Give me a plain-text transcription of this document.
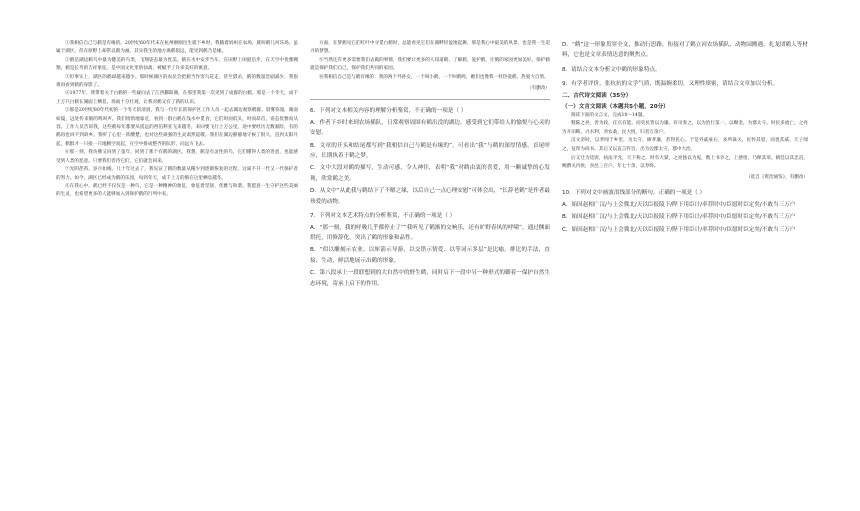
①我相信自己与鹤是有缘的。20世纪60年代末在杭州刚刚出生就下乡时，我随着妈妈在农场，就叫鹤儿河乐场。虽属于湖区，但在原野上却常以鹤为画。其实我生的地方离鹤很远，能见到鹤乃是缘。

②鹤是湖边鹤鸟中最为健美的鸟类，飞翔姿态最为优美。鹤在水中安步当车，在田野上闲庭信步，在天空中优雅翱翔。鹤是长寿的吉祥象征，是中国文化里的仙禽，被赋予了许多美好的寓意。

③但事实上，湖区的鹤却越来越少。那时候湖区的农民会把鹤当作害鸟赶走，甚至猎杀，鹤的数量急剧减少，我很难再看到鹤的身影了。

④1977年，我带着关于白鹤的一些疑问去了江西鄱阳湖，在那里我第一次见到了成群的白鹤。那是一个冬天，成千上万只白鹤在湖面上栖息，场面十分壮观，让我对鹤又有了新的认识。

⑤那是20世纪80年代初的一个冬天的清晨，我与一位年长的保护区工作人员一起去湖边观察鹤群。晨雾弥漫，湖面如镜，远处传来鹤的鸣叫声。我们悄悄地靠近，看到一群白鹤在浅水中觅食，它们时而低头，时而昂首，姿态优雅而从容。工作人员告诉我，这些鹤每年都要从遥远的西伯利亚飞来越冬，来回要飞行上万公里，途中要经历无数艰险，有的鹤再也回不到故乡。我听了心里一阵酸楚，也对这些顽强的生灵肃然起敬。我们在湖边静静地守候了很久，直到太阳升起，鹤群才一只接一只地腾空而起，在空中排成整齐的队形，向远方飞去。

⑥那一刻，我仿佛又回到了童年，回到了那个有鹤的湖区。我想，鹤是有灵性的鸟，它们懂得人类的善意，也能感受到人类的恶意。只要我们善待它们，它们就会回来。

⑦光阴荏苒，岁月如梭。几十年过去了，我见证了鹤的数量从稀少到逐渐恢复的过程，这离不开一代又一代保护者的努力。如今，湖区已经成为鹤的乐园，每到冬天，成千上万的鹤在这里栖息越冬。

⑧在我心中，鹤已经不仅仅是一种鸟，它是一种精神的象征，象征着坚韧、优雅与和谐。我愿意一生守护这些美丽的生灵，也希望更多的人能够加入到保护鹤的行列中来。

方面，在梦鹤见它们红叶中寻觅白鹤时，总能看见它们在湖畔轻盈地起舞，那是我心中最美的风景，也是我一生追寻的梦想。

⑨当然还有更多需要我们去做的事情，我们要让更多的人知道鹤、了解鹤、爱护鹤，让鹤的家园更加美好。保护鹤就是保护我们自己，保护我们共同的家园。

⑩我相信自己是与鹤有缘的：我的两个外孙女，一个叫小鹤，一个叫鹤鸣，她们也像我一样热爱鹤，热爱大自然。

（有删改）

6．下列对文本相关内容的理解分析鉴赏，不正确的一项是（ ）

A．作者下乡时来到农场插队，日常观察周围有鹤出没的湖边，感受到它们带给人的愉悦与心灵的安慰。

B．文章的开头和结尾都写到“我相信自己与鹤是有缘的”，可看出“我”与鹤的深厚情感，首尾呼应，长期执着于鹤之梦。

C．文中大段对鹤的描写，生动可感，令人神往，表明“我”对鹤由衷的喜爱，用一颗诚挚的心发现，欣赏鹤之美。

D．从文中“从此我与鹤结下了不解之缘，以后自己一点心理安慰”可体会出，“长辞老鹤”是作者最珍爱的动物。

7．下列对文本艺术特点的分析鉴赏，不正确的一项是（ ）

A．“那一刻，我的呼吸几乎都停止了”“我听见了鹤渐的交响乐，还有旷野春风的呼啸”，通过侧面烘托，用修辞化，突出了鹤的形象和品性。

B．“似以雕刻示农业、以犀箭示导游、以交错示情爱、以等词示多层”是比喻，排比的手法，直接、生动、鲜活地展示出鹤的形象。

C．第八段承上一段联想到的大自然中的野生鹤，同时启下一段中另一种形式的御着一保护自然生态环境，寄承上启下的作用。

D．“鹤”这一形象贯穿全文，推动行思路，衔接对了鹤立河农场插队、动物园搬遇、扎龙团鹤人等材料，它也是文章表情达意的聚焦点。

8．请结合文本分析文中鹤的形象特点。

9．有学者评价，张抗抗的文学气质，既温婉柔切，又理性缜密，请结合文章加以分析。

二、古代诗文阅读（35分）

（一）文言文阅读（本题共5小题，20分）

阅读下面的文言文，完成10～14题。

暨陈之亮，善为政，任官有能，而吏民皆以为廉。有司奏之，以为治行第一，以赐金，为郡太守。时民多流亡，之亮为开田畴，兴水利，劝农桑，民大悦，归者万余户。

汉文帝时，以孝闻于乡里，为太守，修孝廉，甚得民心。于是外戚豪右，多所诛灭，民怀其恩，而畏其威。天子闻之，征拜为尚书。其后又以直言忤旨，出为边郡太守，郡中大治。

后又迁为廷尉，执法平允，天下称之。时有大狱，之亮独以为冤，数上书争之，上感悟，乃释其罪。朝廷以其忠直，赐爵关内侯，食邑三百户。年七十余，以寿终。

（选自《资治通鉴》，有删改）

10．下列对文中画波浪线部分的断句，正确的一项是（ ）

A．始因赵相广汉/与上会冀北/天以臣报陵下/陛下用臣计/率荐时中/臣愿时臣定矣/不敢当三万户

B．始因赵相广汉/与上会冀北/天以臣报陵下/陛下用臣计/率荐时中/臣愿时臣定矣/不敢当三万户

C．始因赵相广汉/与上会冀北/天以臣报陵下/陛下用臣计/率荐时中/臣愿时臣定矣/不敢当三万户
